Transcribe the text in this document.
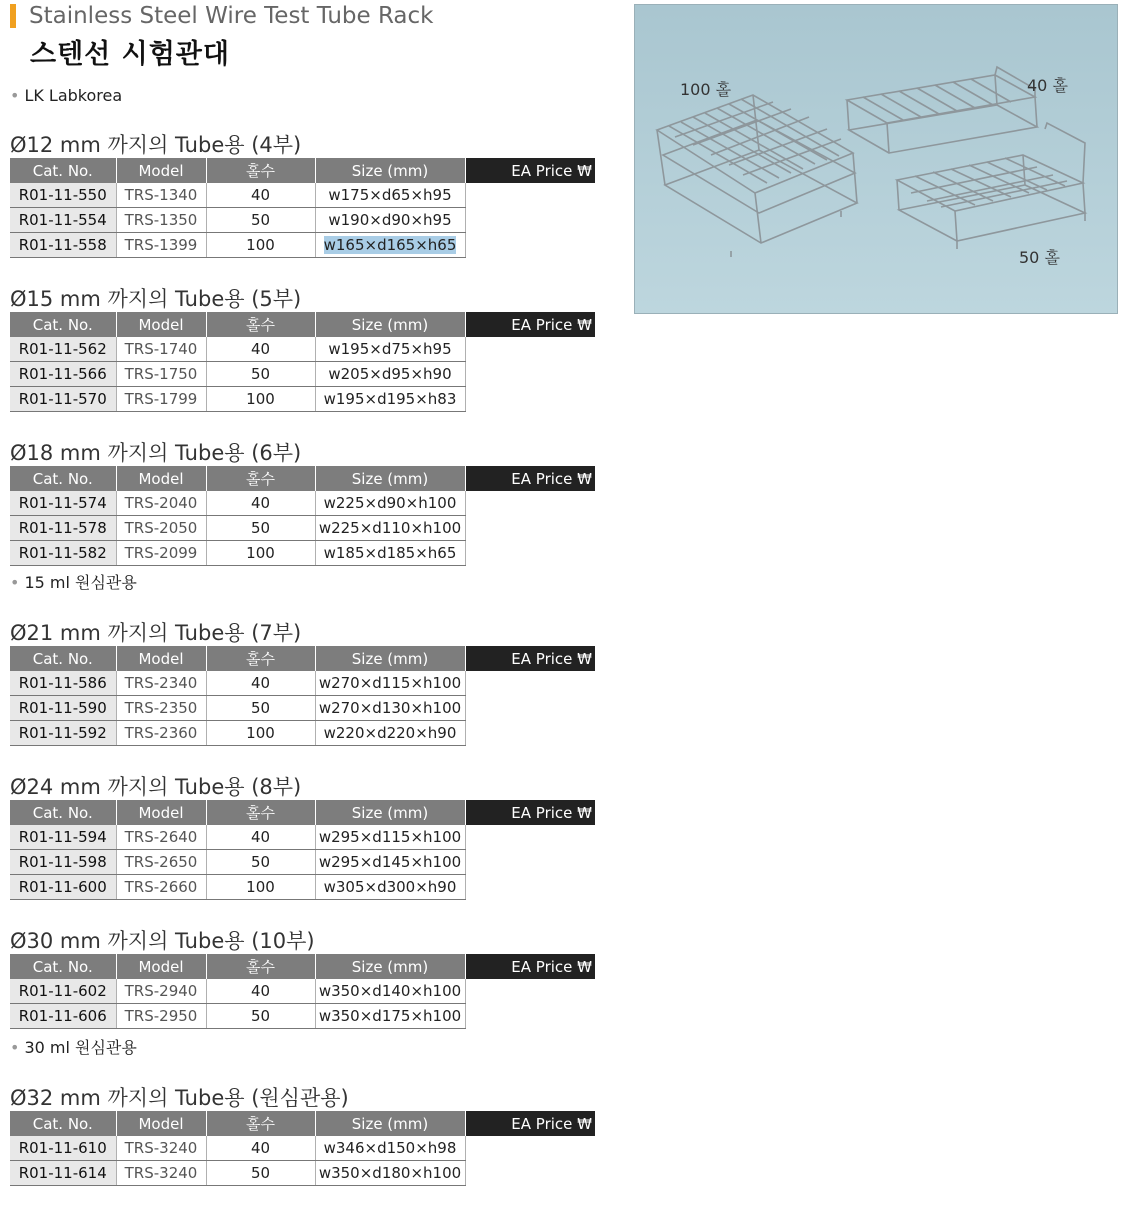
Stainless Steel Wire Test Tube Rack
스텐선 시험관대
• LK Labkorea
Ø12 mm 까지의 Tube용 (4부)
Cat. No.	Model	홀수	Size (mm)	EA Price ₩
R01-11-550	TRS-1340	40	w175×d65×h95	
R01-11-554	TRS-1350	50	w190×d90×h95	
R01-11-558	TRS-1399	100	w165×d165×h65	
Ø15 mm 까지의 Tube용 (5부)
Cat. No.	Model	홀수	Size (mm)	EA Price ₩
R01-11-562	TRS-1740	40	w195×d75×h95	
R01-11-566	TRS-1750	50	w205×d95×h90	
R01-11-570	TRS-1799	100	w195×d195×h83	
Ø18 mm 까지의 Tube용 (6부)
Cat. No.	Model	홀수	Size (mm)	EA Price ₩
R01-11-574	TRS-2040	40	w225×d90×h100	
R01-11-578	TRS-2050	50	w225×d110×h100	
R01-11-582	TRS-2099	100	w185×d185×h65	
• 15 ml 원심관용
Ø21 mm 까지의 Tube용 (7부)
Cat. No.	Model	홀수	Size (mm)	EA Price ₩
R01-11-586	TRS-2340	40	w270×d115×h100	
R01-11-590	TRS-2350	50	w270×d130×h100	
R01-11-592	TRS-2360	100	w220×d220×h90	
Ø24 mm 까지의 Tube용 (8부)
Cat. No.	Model	홀수	Size (mm)	EA Price ₩
R01-11-594	TRS-2640	40	w295×d115×h100	
R01-11-598	TRS-2650	50	w295×d145×h100	
R01-11-600	TRS-2660	100	w305×d300×h90	
Ø30 mm 까지의 Tube용 (10부)
Cat. No.	Model	홀수	Size (mm)	EA Price ₩
R01-11-602	TRS-2940	40	w350×d140×h100	
R01-11-606	TRS-2950	50	w350×d175×h100	
• 30 ml 원심관용
Ø32 mm 까지의 Tube용 (원심관용)
Cat. No.	Model	홀수	Size (mm)	EA Price ₩
R01-11-610	TRS-3240	40	w346×d150×h98	
R01-11-614	TRS-3240	50	w350×d180×h100	
100 홀	40 홀
50 홀
